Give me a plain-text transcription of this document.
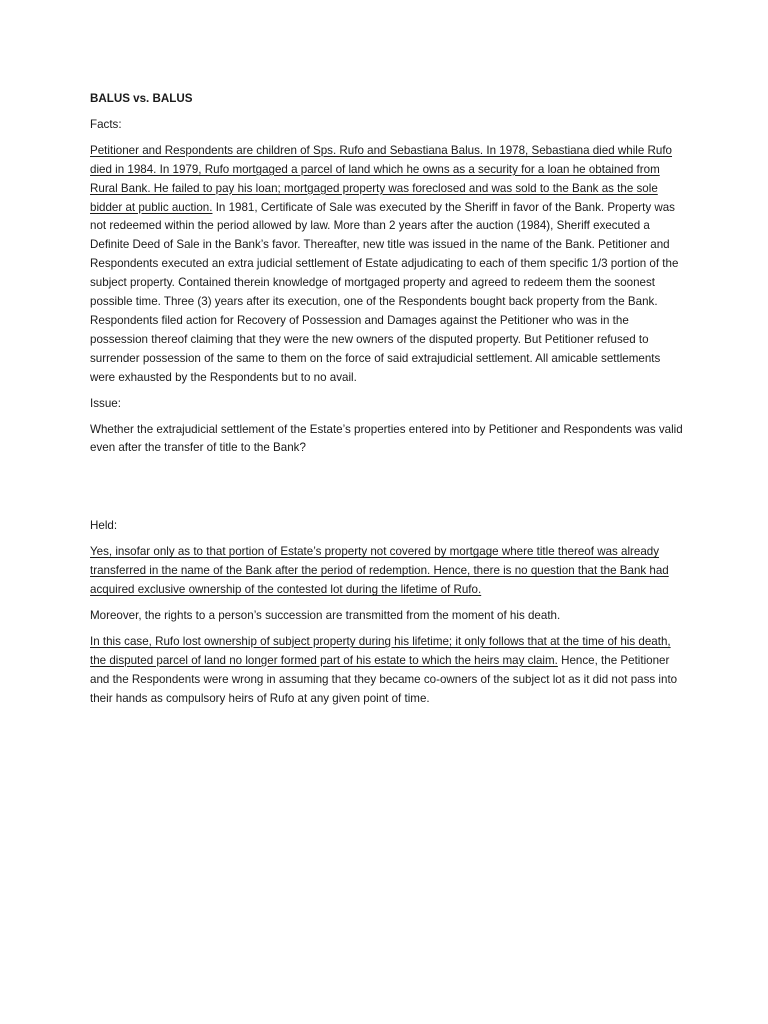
BALUS vs. BALUS

Facts:

Petitioner and Respondents are children of Sps. Rufo and Sebastiana Balus. In 1978, Sebastiana died while Rufo died in 1984. In 1979, Rufo mortgaged a parcel of land which he owns as a security for a loan he obtained from Rural Bank. He failed to pay his loan; mortgaged property was foreclosed and was sold to the Bank as the sole bidder at public auction. In 1981, Certificate of Sale was executed by the Sheriff in favor of the Bank. Property was not redeemed within the period allowed by law. More than 2 years after the auction (1984), Sheriff executed a Definite Deed of Sale in the Bank’s favor. Thereafter, new title was issued in the name of the Bank. Petitioner and Respondents executed an extra judicial settlement of Estate adjudicating to each of them specific 1/3 portion of the subject property. Contained therein knowledge of mortgaged property and agreed to redeem them the soonest possible time. Three (3) years after its execution, one of the Respondents bought back property from the Bank. Respondents filed action for Recovery of Possession and Damages against the Petitioner who was in the possession thereof claiming that they were the new owners of the disputed property. But Petitioner refused to surrender possession of the same to them on the force of said extrajudicial settlement. All amicable settlements were exhausted by the Respondents but to no avail.

Issue:

Whether the extrajudicial settlement of the Estate’s properties entered into by Petitioner and Respondents was valid even after the transfer of title to the Bank?

Held:

Yes, insofar only as to that portion of Estate’s property not covered by mortgage where title thereof was already transferred in the name of the Bank after the period of redemption. Hence, there is no question that the Bank had acquired exclusive ownership of the contested lot during the lifetime of Rufo.

Moreover, the rights to a person’s succession are transmitted from the moment of his death.

In this case, Rufo lost ownership of subject property during his lifetime; it only follows that at the time of his death, the disputed parcel of land no longer formed part of his estate to which the heirs may claim. Hence, the Petitioner and the Respondents were wrong in assuming that they became co-owners of the subject lot as it did not pass into their hands as compulsory heirs of Rufo at any given point of time.
